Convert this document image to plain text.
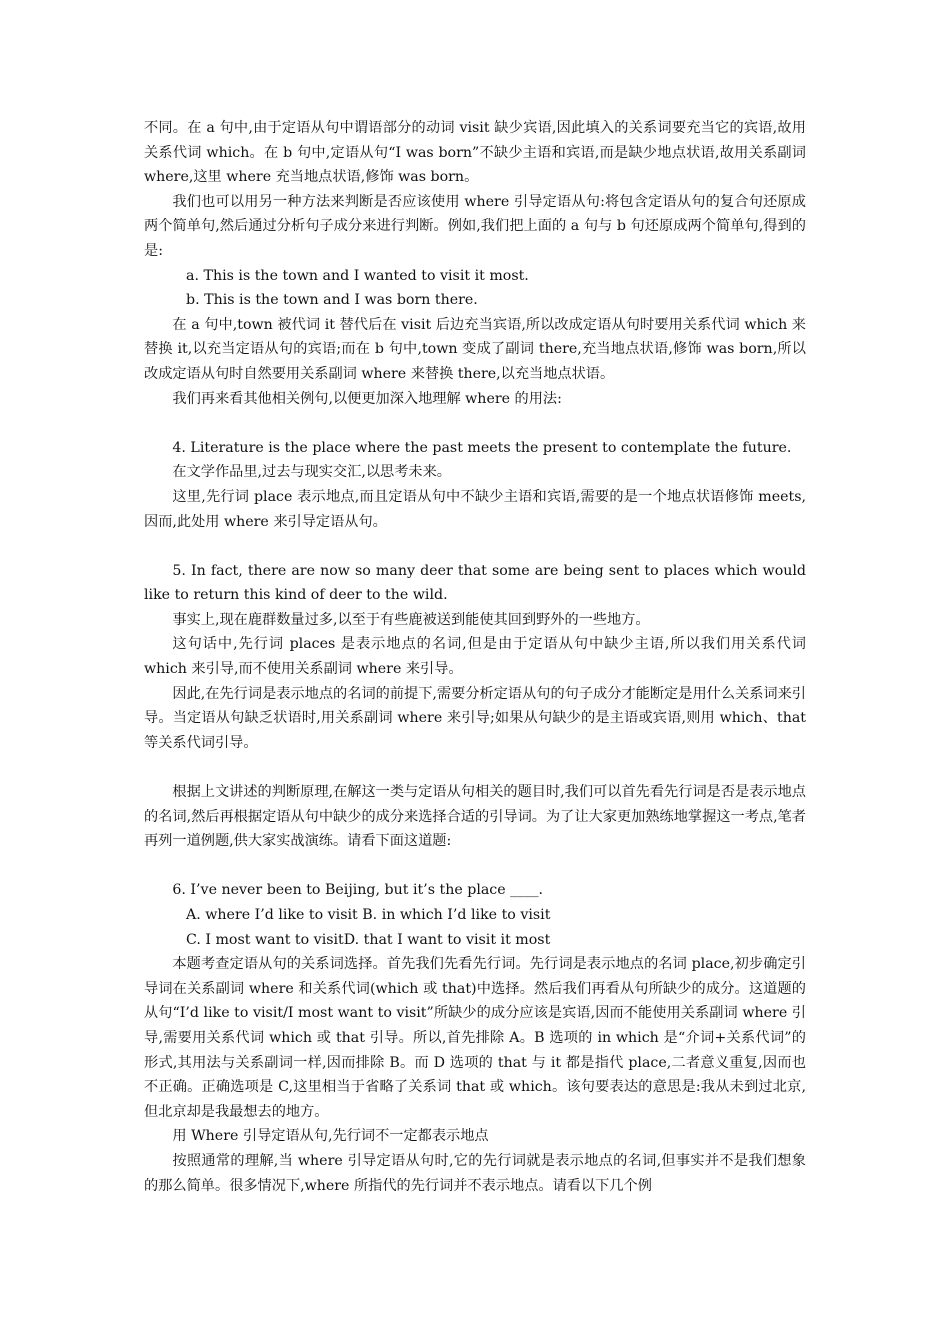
不同。在 a 句中,由于定语从句中谓语部分的动词 visit 缺少宾语,因此填入的关系词要充当它的宾语,故用关系代词 which。在 b 句中,定语从句“I was born”不缺少主语和宾语,而是缺少地点状语,故用关系副词 where,这里 where 充当地点状语,修饰 was born。

我们也可以用另一种方法来判断是否应该使用 where 引导定语从句:将包含定语从句的复合句还原成两个简单句,然后通过分析句子成分来进行判断。例如,我们把上面的 a 句与 b 句还原成两个简单句,得到的是:

a. This is the town and I wanted to visit it most.

b. This is the town and I was born there.

在 a 句中,town 被代词 it 替代后在 visit 后边充当宾语,所以改成定语从句时要用关系代词 which 来替换 it,以充当定语从句的宾语;而在 b 句中,town 变成了副词 there,充当地点状语,修饰 was born,所以改成定语从句时自然要用关系副词 where 来替换 there,以充当地点状语。

我们再来看其他相关例句,以便更加深入地理解 where 的用法:

4. Literature is the place where the past meets the present to contemplate the future.

在文学作品里,过去与现实交汇,以思考未来。

这里,先行词 place 表示地点,而且定语从句中不缺少主语和宾语,需要的是一个地点状语修饰 meets,因而,此处用 where 来引导定语从句。

5. In fact, there are now so many deer that some are being sent to places which would like to return this kind of deer to the wild.

事实上,现在鹿群数量过多,以至于有些鹿被送到能使其回到野外的一些地方。

这句话中,先行词 places 是表示地点的名词,但是由于定语从句中缺少主语,所以我们用关系代词 which 来引导,而不使用关系副词 where 来引导。

因此,在先行词是表示地点的名词的前提下,需要分析定语从句的句子成分才能断定是用什么关系词来引导。当定语从句缺乏状语时,用关系副词 where 来引导;如果从句缺少的是主语或宾语,则用 which、that 等关系代词引导。

根据上文讲述的判断原理,在解这一类与定语从句相关的题目时,我们可以首先看先行词是否是表示地点的名词,然后再根据定语从句中缺少的成分来选择合适的引导词。为了让大家更加熟练地掌握这一考点,笔者再列一道例题,供大家实战演练。请看下面这道题:

6. I’ve never been to Beijing, but it’s the place ____.

A. where I’d like to visit B. in which I’d like to visit

C. I most want to visitD. that I want to visit it most

本题考查定语从句的关系词选择。首先我们先看先行词。先行词是表示地点的名词 place,初步确定引导词在关系副词 where 和关系代词(which 或 that)中选择。然后我们再看从句所缺少的成分。这道题的从句“I’d like to visit/I most want to visit”所缺少的成分应该是宾语,因而不能使用关系副词 where 引导,需要用关系代词 which 或 that 引导。所以,首先排除 A。B 选项的 in which 是“介词+关系代词”的形式,其用法与关系副词一样,因而排除 B。而 D 选项的 that 与 it 都是指代 place,二者意义重复,因而也不正确。正确选项是 C,这里相当于省略了关系词 that 或 which。该句要表达的意思是:我从未到过北京,但北京却是我最想去的地方。

用 Where 引导定语从句,先行词不一定都表示地点

按照通常的理解,当 where 引导定语从句时,它的先行词就是表示地点的名词,但事实并不是我们想象的那么简单。很多情况下,where 所指代的先行词并不表示地点。请看以下几个例
